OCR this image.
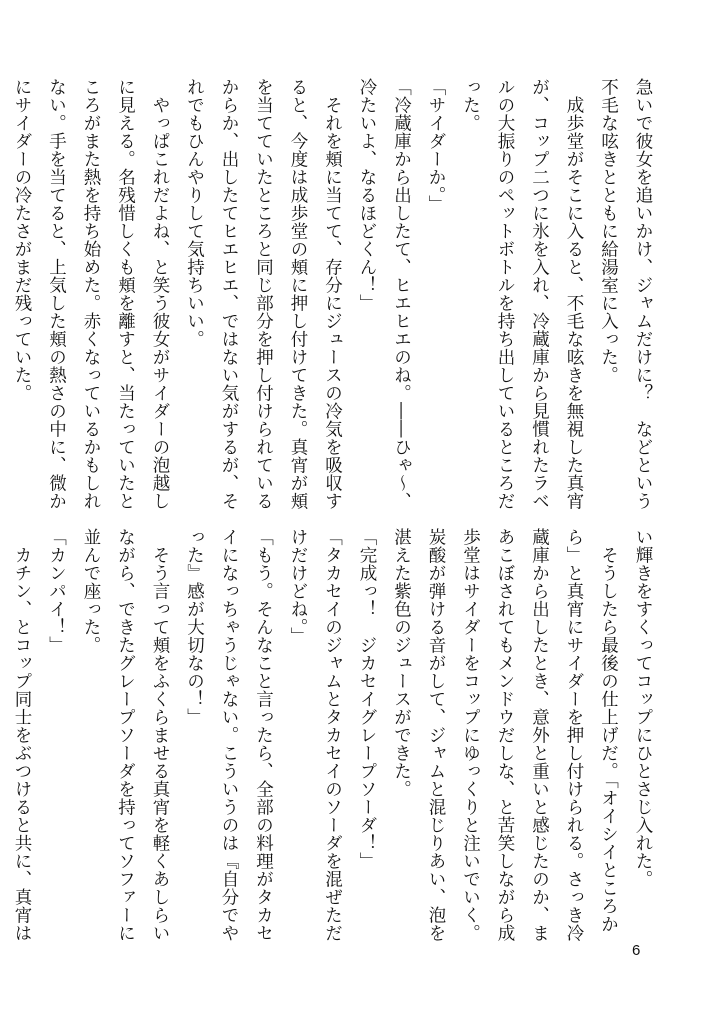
急いで彼女を追いかけ、ジャムだけに？　などという不毛な呟きとともに給湯室に入った。
　成歩堂がそこに入ると、不毛な呟きを無視した真宵が、コップ二つに氷を入れ、冷蔵庫から見慣れたラベルの大振りのペットボトルを持ち出しているところだった。
「サイダーか。」
「冷蔵庫から出したて、ヒエヒエのね。――ひゃ～、冷たいよ、なるほどくん！」
　それを頬に当てて、存分にジュースの冷気を吸収すると、今度は成歩堂の頬に押し付けてきた。真宵が頬を当てていたところと同じ部分を押し付けられているからか、出したてヒエヒエ、ではない気がするが、それでもひんやりして気持ちいい。
　やっぱこれだよね、と笑う彼女がサイダーの泡越しに見える。名残惜しくも頬を離すと、当たっていたところがまた熱を持ち始めた。赤くなっているかもしれない。手を当てると、上気した頬の熱さの中に、微かにサイダーの冷たさがまだ残っていた。

い輝きをすくってコップにひとさじ入れた。
　そうしたら最後の仕上げだ。「オイシイところから」と真宵にサイダーを押し付けられる。さっき冷蔵庫から出したとき、意外と重いと感じたのか、まあこぼされてもメンドウだしな、と苦笑しながら成歩堂はサイダーをコップにゆっくりと注いでいく。炭酸が弾ける音がして、ジャムと混じりあい、泡を湛えた紫色のジュースができた。
「完成っ！　ジカセイグレープソーダ！」
「タカセイのジャムとタカセイのソーダを混ぜただけだけどね。」
「もう。そんなこと言ったら、全部の料理がタカセイになっちゃうじゃない。こういうのは『自分でやった』感が大切なの！」
　そう言って頬をふくらませる真宵を軽くあしらいながら、できたグレープソーダを持ってソファーに並んで座った。
「カンパイ！」
　カチン、とコップ同士をぶつけると共に、真宵は

6
